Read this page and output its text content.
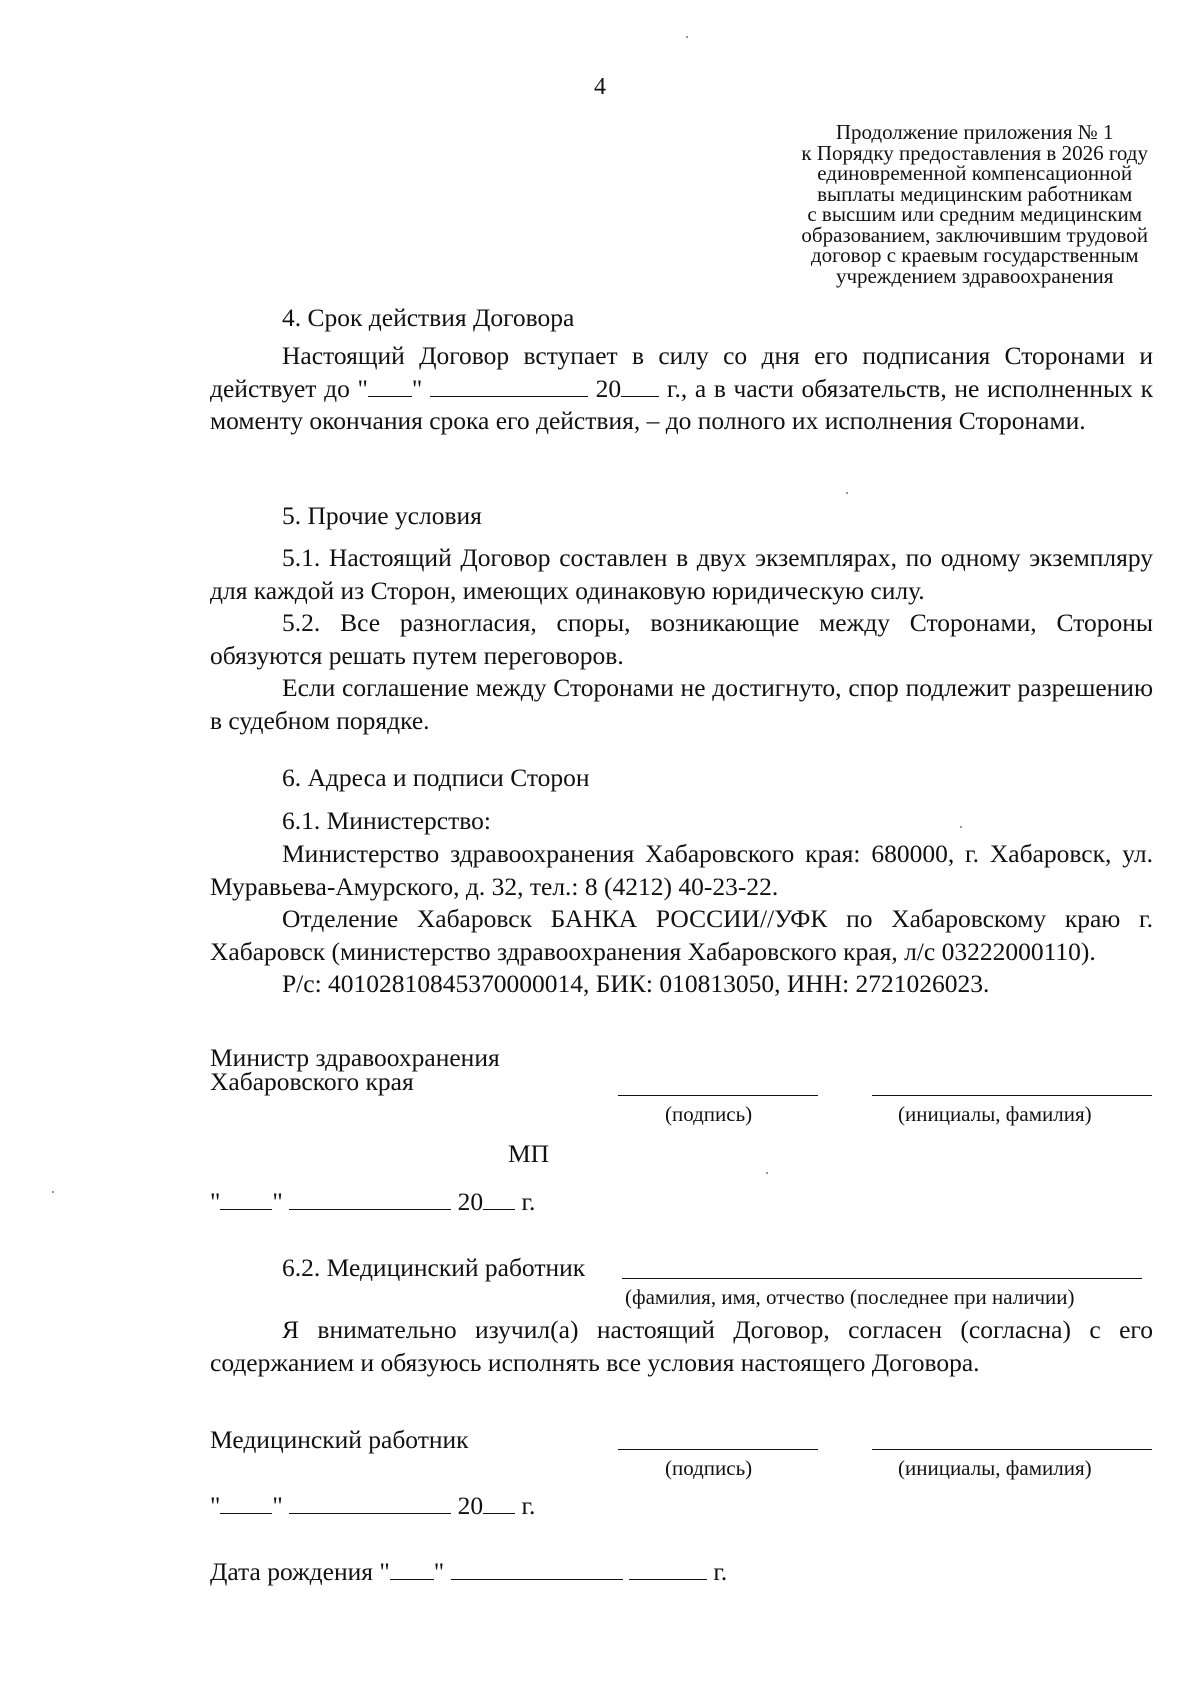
4
Продолжение приложения № 1
к Порядку предоставления в 2026 году
единовременной компенсационной
выплаты медицинским работникам
с высшим или средним медицинским
образованием, заключившим трудовой
договор с краевым государственным
учреждением здравоохранения
4. Срок действия Договора
Настоящий Договор вступает в силу со дня его подписания Сторонами и действует до " "	20 г., а в части обязательств, не исполненных к моменту окончания срока его действия, – до полного их исполнения Сторонами.
5. Прочие условия
5.1. Настоящий Договор составлен в двух экземплярах, по одному экземпляру для каждой из Сторон, имеющих одинаковую юридическую силу.
5.2. Все разногласия, споры, возникающие между Сторонами, Стороны обязуются решать путем переговоров.
Если соглашение между Сторонами не достигнуто, спор подлежит разрешению в судебном порядке.
6. Адреса и подписи Сторон
6.1. Министерство:
Министерство здравоохранения Хабаровского края: 680000, г. Хабаровск, ул. Муравьева-Амурского, д. 32, тел.: 8 (4212) 40-23-22.
Отделение Хабаровск БАНКА РОССИИ//УФК по Хабаровскому краю г. Хабаровск (министерство здравоохранения Хабаровского края, л/с 03222000110).
Р/с: 40102810845370000014, БИК: 010813050, ИНН: 2721026023.
Министр здравоохранения
Хабаровского края
(подпись)	(инициалы, фамилия)
МП
" "	20 г.
6.2. Медицинский работник
(фамилия, имя, отчество (последнее при наличии)
Я внимательно изучил(а) настоящий Договор, согласен (согласна) с его содержанием и обязуюсь исполнять все условия настоящего Договора.
Медицинский работник
(подпись)	(инициалы, фамилия)
" "	20 г.
Дата рождения " "	г.
